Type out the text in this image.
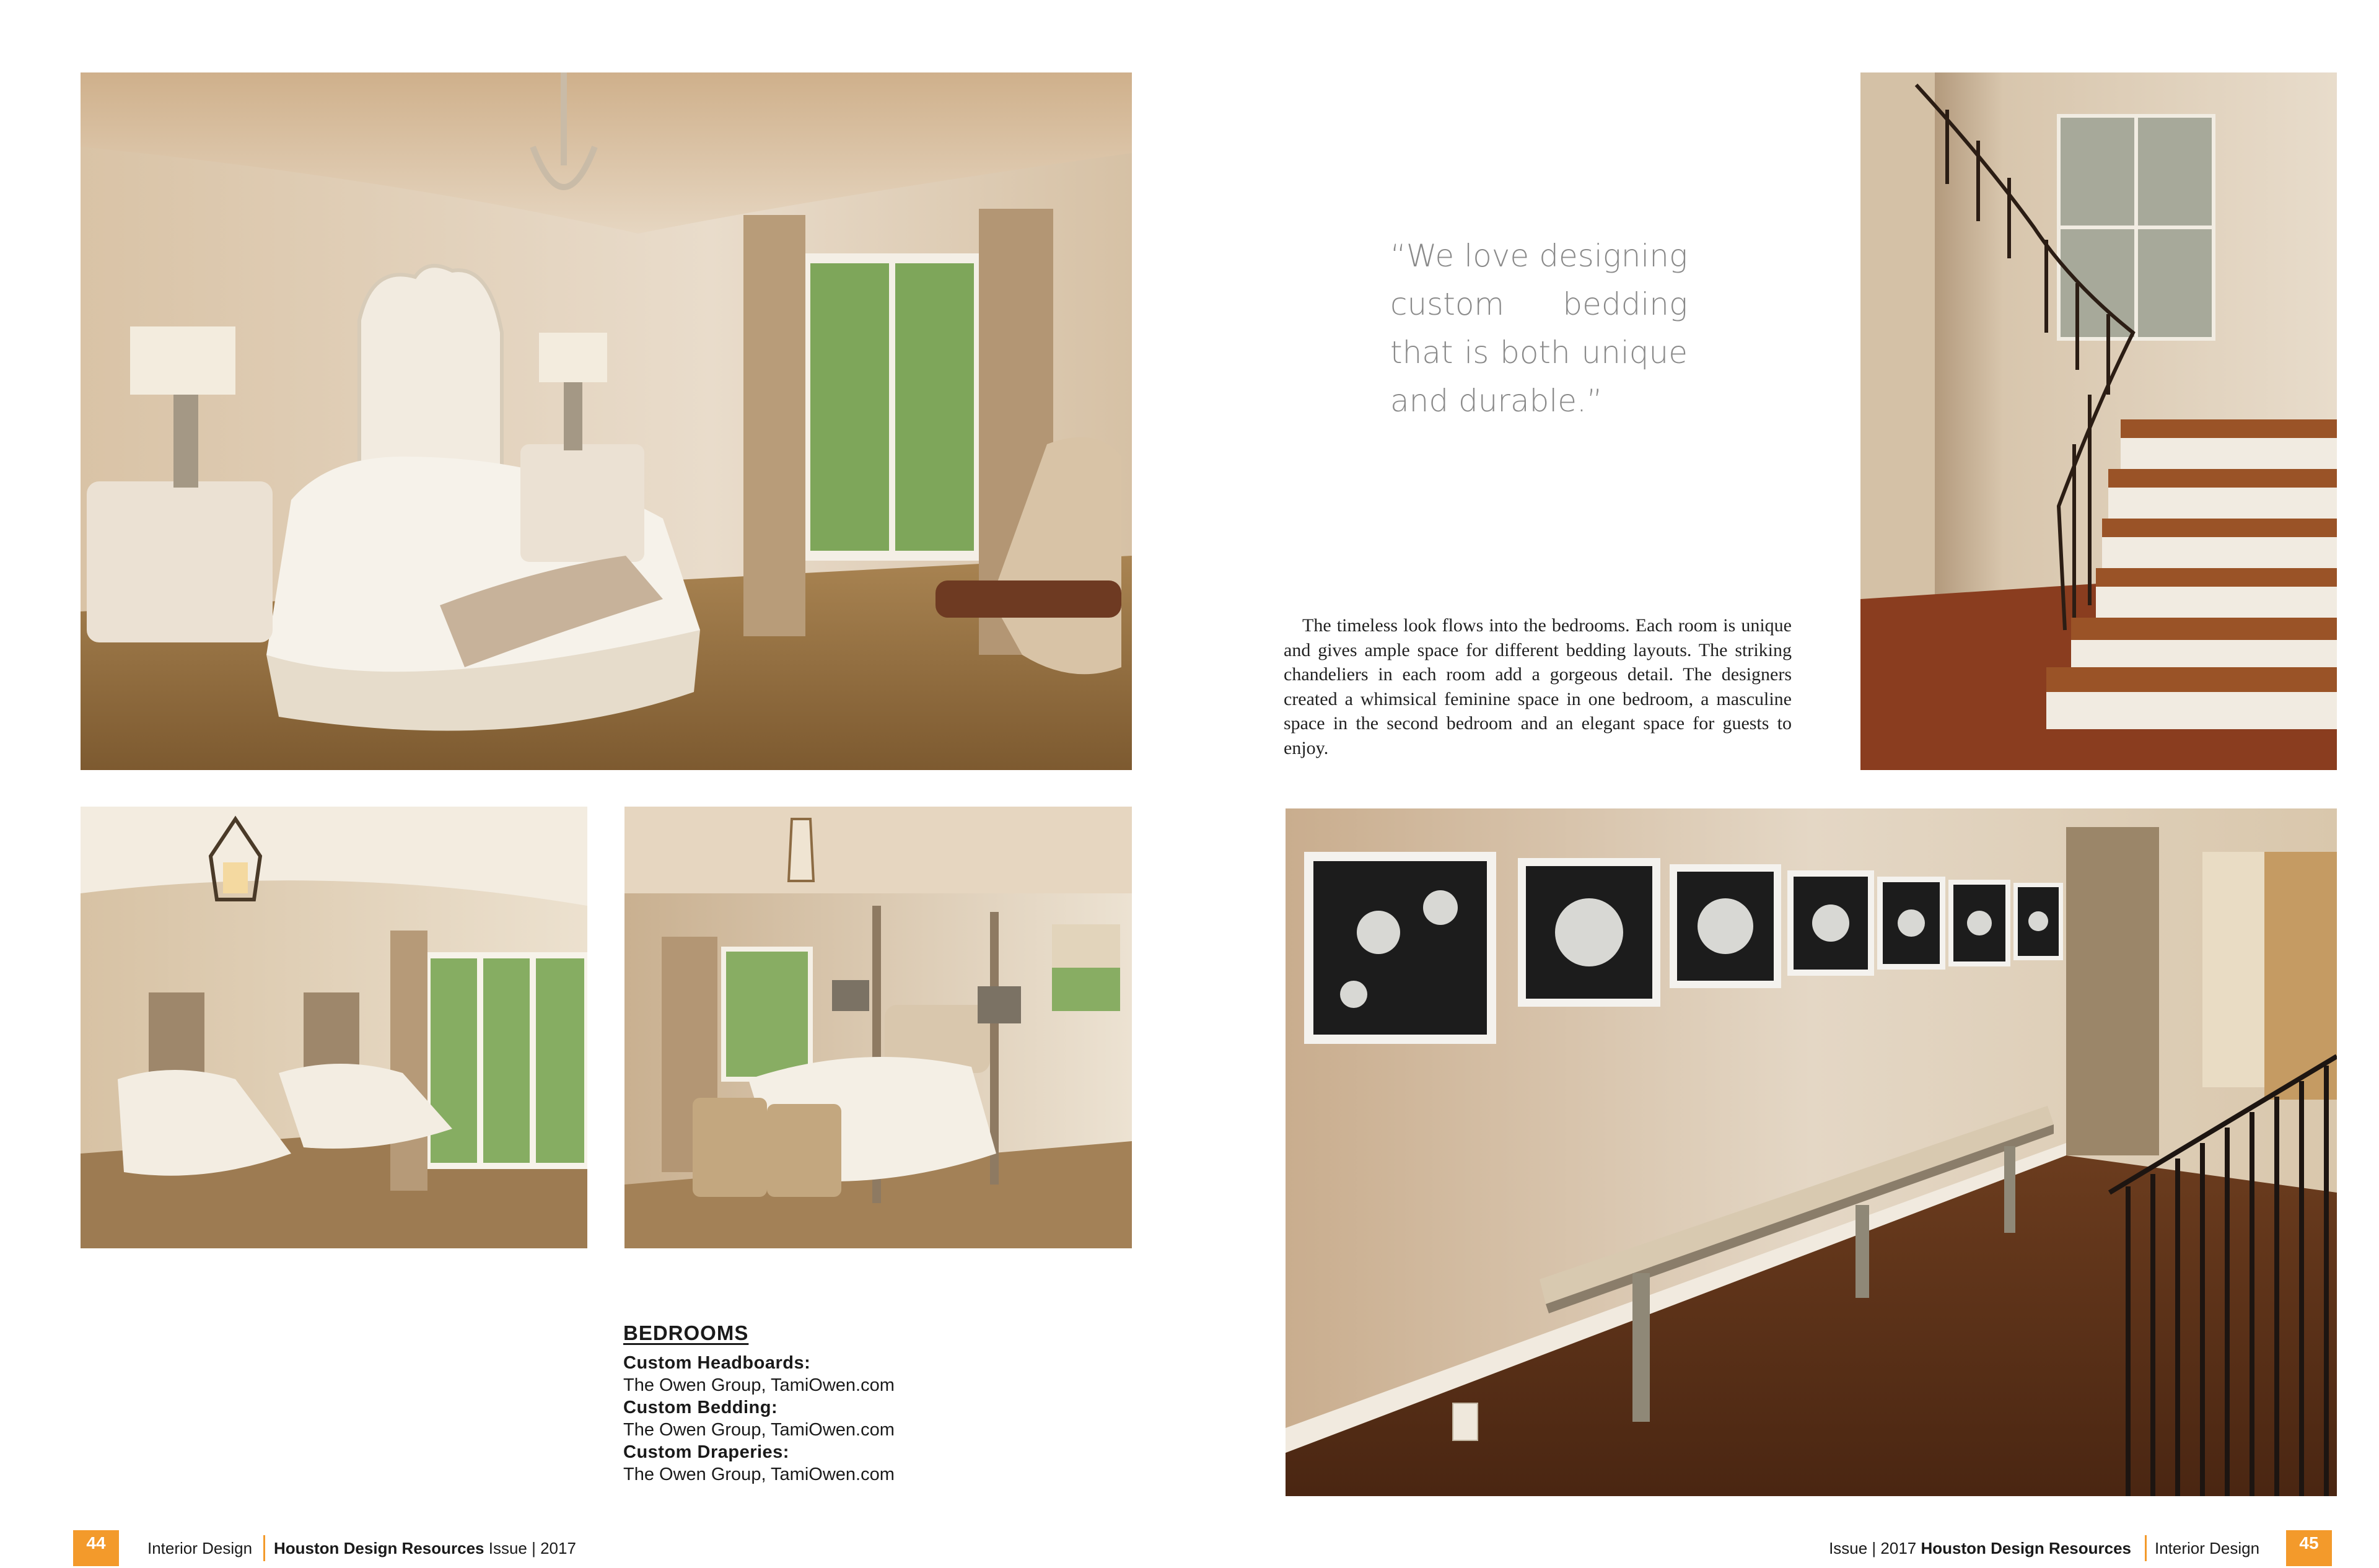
“We love designing custom bedding that is both unique and durable.”

The timeless look flows into the bedrooms. Each room is unique and gives ample space for different bedding layouts. The striking chandeliers in each room add a gorgeous detail. The designers created a whimsical feminine space in one bedroom, a masculine space in the second bedroom and an elegant space for guests to enjoy.

BEDROOMS
Custom Headboards:
The Owen Group, TamiOwen.com
Custom Bedding:
The Owen Group, TamiOwen.com
Custom Draperies:
The Owen Group, TamiOwen.com
44	Interior Design Houston Design Resources Issue | 2017	Issue | 2017 Houston Design Resources Interior Design	45
